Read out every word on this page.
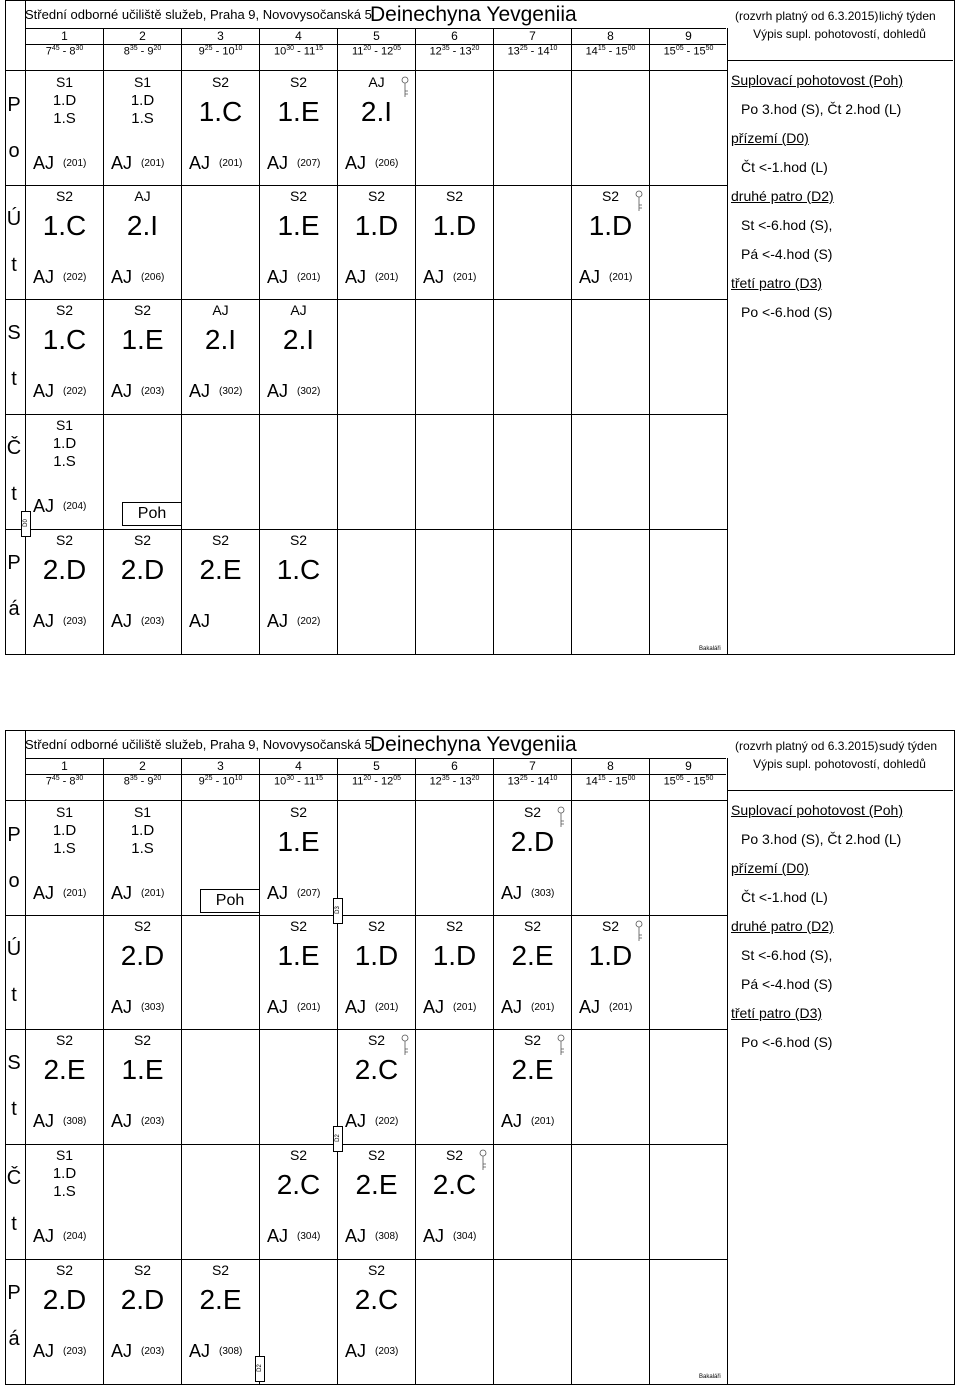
Střední odborné učiliště služeb, Praha 9, Novovysočanská 5
Deinechyna Yevgeniia	(rozvrh platný od 6.3.2015) lichý týden
1
$7^{45} - 8^{30}$
2
$8^{35} - 9^{20}$
3
$9^{25} - 10^{10}$
4
$10^{30} - 11^{15}$
5
$11^{20} - 12^{05}$
6
$12^{35} - 13^{20}$
7
$13^{25} - 14^{10}$
8
$14^{15} - 15^{00}$
9
$15^{05} - 15^{50}$
P
o
Ú
t
S
t
Č
t
P
á
S1
1.D
1.S
AJ (201)
S1
1.D
1.S
AJ (201)
S2
1.C
AJ (201)
S2
1.E
AJ (207)
AJ
2.I
AJ (206)
S2
1.C
AJ (202)
AJ
2.I
AJ (206)
S2
1.E
AJ (201)
S2
1.D
AJ (201)
S2
1.D
AJ (201)
S2
1.D
AJ (201)
S2
1.C
AJ (202)
S2
1.E
AJ (203)
AJ
2.I
AJ (302)
AJ
2.I
AJ (302)
S1
1.D
1.S
AJ (204)
S2
2.D
AJ (203)
S2
2.D
AJ (203)
S2
2.E
AJ
S2
1.C
AJ (202)
Poh
D0
Výpis supl. pohotovostí, dohledů
Suplovací pohotovost (Poh)
Po 3.hod (S), Čt 2.hod (L)
přízemí (D0)
Čt <-1.hod (L)
druhé patro (D2)
St <-6.hod (S),
Pá <-4.hod (S)
třetí patro (D3)
Po <-6.hod (S)
Bakaláři
Střední odborné učiliště služeb, Praha 9, Novovysočanská 5
Deinechyna Yevgeniia	(rozvrh platný od 6.3.2015) sudý týden
1
$7^{45} - 8^{30}$
2
$8^{35} - 9^{20}$
3
$9^{25} - 10^{10}$
4
$10^{30} - 11^{15}$
5
$11^{20} - 12^{05}$
6
$12^{35} - 13^{20}$
7
$13^{25} - 14^{10}$
8
$14^{15} - 15^{00}$
9
$15^{05} - 15^{50}$
P
o
Ú
t
S
t
Č
t
P
á
S1
1.D
1.S
AJ (201)
S1
1.D
1.S
AJ (201)
S2
1.E
AJ (207)
S2
2.D
AJ (303)
S2
2.D
AJ (303)
S2
1.E
AJ (201)
S2
1.D
AJ (201)
S2
1.D
AJ (201)
S2
2.E
AJ (201)
S2
1.D
AJ (201)
S2
2.E
AJ (308)
S2
1.E
AJ (203)
S2
2.C
AJ (202)
S2
2.E
AJ (201)
S1
1.D
1.S
AJ (204)
S2
2.C
AJ (304)
S2
2.E
AJ (308)
S2
2.C
AJ (304)
S2
2.D
AJ (203)
S2
2.D
AJ (203)
S2
2.E
AJ (308)
S2
2.C
AJ (203)
Poh
D3
D2
D2
Výpis supl. pohotovostí, dohledů
Suplovací pohotovost (Poh)
Po 3.hod (S), Čt 2.hod (L)
přízemí (D0)
Čt <-1.hod (L)
druhé patro (D2)
St <-6.hod (S),
Pá <-4.hod (S)
třetí patro (D3)
Po <-6.hod (S)
Bakaláři
